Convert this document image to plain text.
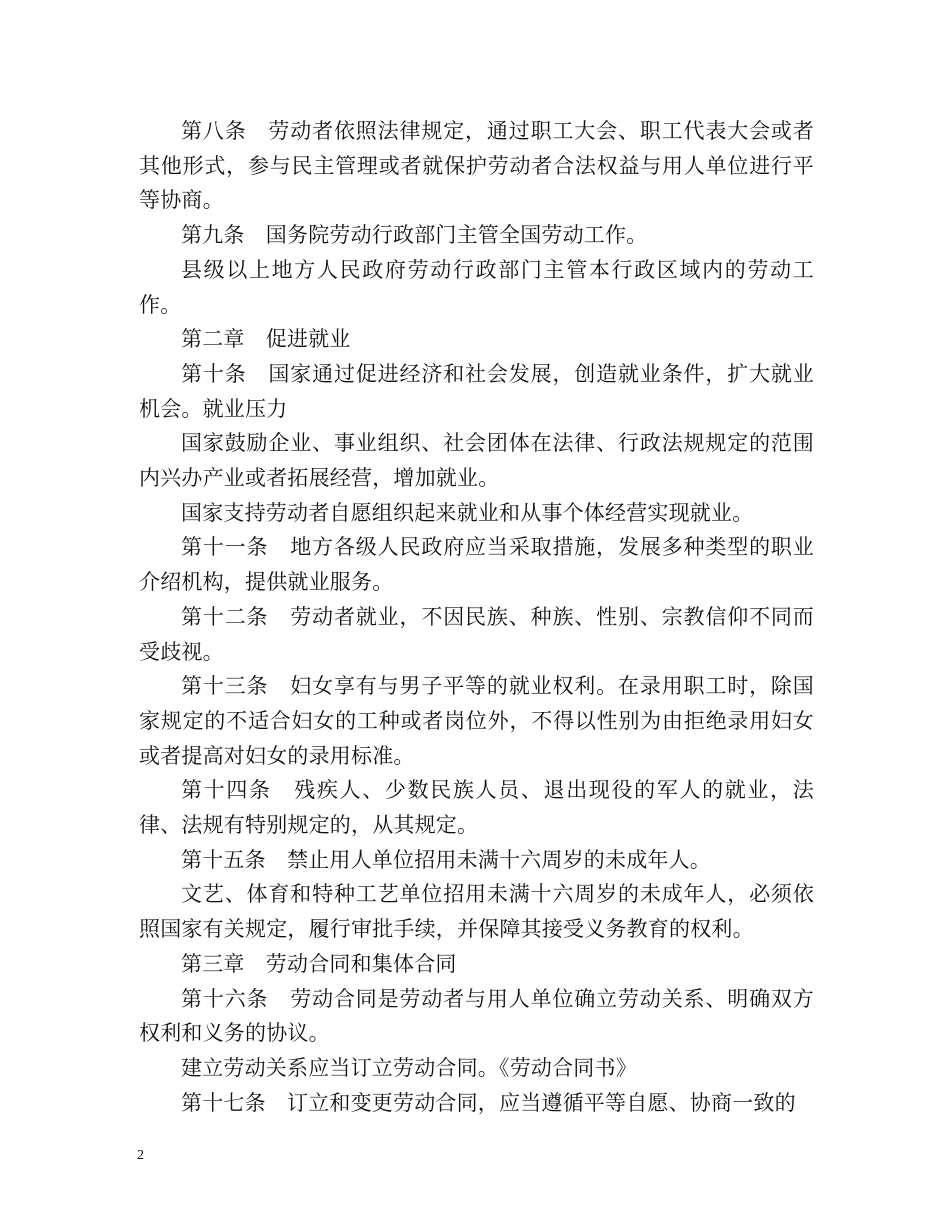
第八条　劳动者依照法律规定，通过职工大会、职工代表大会或者其他形式，参与民主管理或者就保护劳动者合法权益与用人单位进行平等协商。

第九条　国务院劳动行政部门主管全国劳动工作。

县级以上地方人民政府劳动行政部门主管本行政区域内的劳动工作。

第二章　促进就业

第十条　国家通过促进经济和社会发展，创造就业条件，扩大就业机会。就业压力

国家鼓励企业、事业组织、社会团体在法律、行政法规规定的范围内兴办产业或者拓展经营，增加就业。

国家支持劳动者自愿组织起来就业和从事个体经营实现就业。

第十一条　地方各级人民政府应当采取措施，发展多种类型的职业介绍机构，提供就业服务。

第十二条　劳动者就业，不因民族、种族、性别、宗教信仰不同而受歧视。

第十三条　妇女享有与男子平等的就业权利。在录用职工时，除国家规定的不适合妇女的工种或者岗位外，不得以性别为由拒绝录用妇女或者提高对妇女的录用标准。

第十四条　残疾人、少数民族人员、退出现役的军人的就业，法律、法规有特别规定的，从其规定。

第十五条　禁止用人单位招用未满十六周岁的未成年人。

文艺、体育和特种工艺单位招用未满十六周岁的未成年人，必须依照国家有关规定，履行审批手续，并保障其接受义务教育的权利。

第三章　劳动合同和集体合同

第十六条　劳动合同是劳动者与用人单位确立劳动关系、明确双方权利和义务的协议。

建立劳动关系应当订立劳动合同。《劳动合同书》

第十七条　订立和变更劳动合同，应当遵循平等自愿、协商一致的

2
